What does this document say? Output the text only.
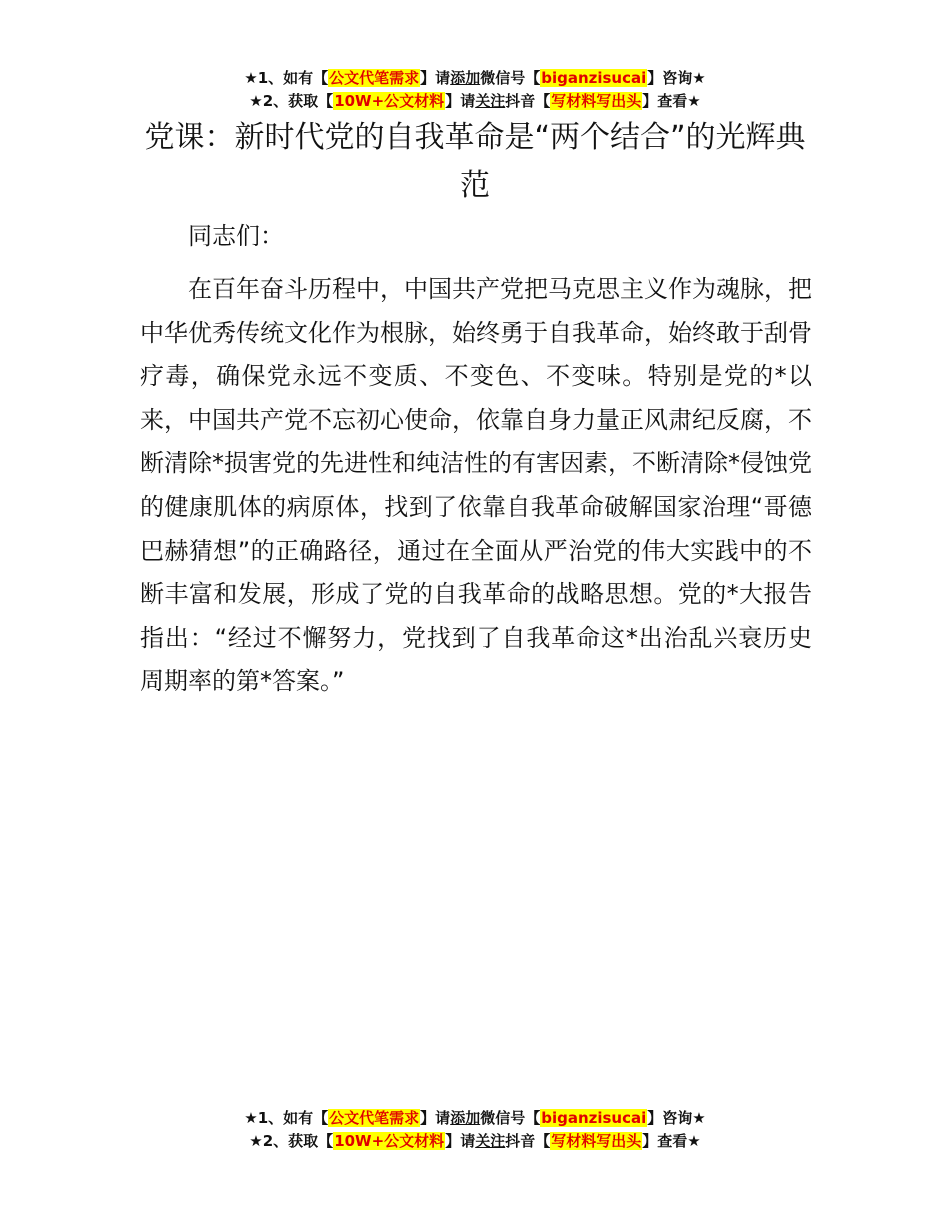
★1、如有【公文代笔需求】请添加微信号【biganzisucai】咨询★
★2、获取【10W+公文材料】请关注抖音【写材料写出头】查看★
党课：新时代党的自我革命是“两个结合”的光辉典范

同志们：

在百年奋斗历程中，中国共产党把马克思主义作为魂脉，把中华优秀传统文化作为根脉，始终勇于自我革命，始终敢于刮骨疗毒，确保党永远不变质、不变色、不变味。特别是党的*以来，中国共产党不忘初心使命，依靠自身力量正风肃纪反腐，不断清除*损害党的先进性和纯洁性的有害因素，不断清除*侵蚀党的健康肌体的病原体，找到了依靠自我革命破解国家治理“哥德巴赫猜想”的正确路径，通过在全面从严治党的伟大实践中的不断丰富和发展，形成了党的自我革命的战略思想。党的*大报告指出：“经过不懈努力，党找到了自我革命这*出治乱兴衰历史周期率的第*答案。”

★1、如有【公文代笔需求】请添加微信号【biganzisucai】咨询★
★2、获取【10W+公文材料】请关注抖音【写材料写出头】查看★
